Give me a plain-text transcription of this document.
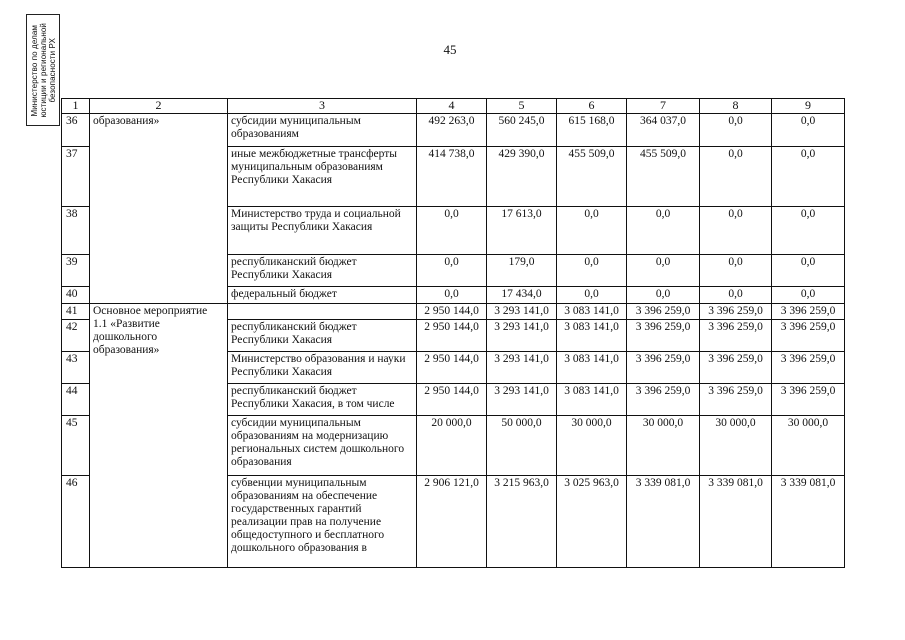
Министерство по делам юстиции и региональной безопасности РХ	45
1	2	3	4	5	6	7	8	9
36	образования»	субсидии муниципальным образованиям	492 263,0	560 245,0	615 168,0	364 037,0	0,0	0,0
37		иные межбюджетные трансферты муниципальным образованиям Республики Хакасия	414 738,0	429 390,0	455 509,0	455 509,0	0,0	0,0
38		Министерство труда и социальной защиты Республики Хакасия	0,0	17 613,0	0,0	0,0	0,0	0,0
39		республиканский бюджет Республики Хакасия	0,0	179,0	0,0	0,0	0,0	0,0
40		федеральный бюджет	0,0	17 434,0	0,0	0,0	0,0	0,0
41	Основное мероприятие 1.1 «Развитие дошкольного образования»		2 950 144,0	3 293 141,0	3 083 141,0	3 396 259,0	3 396 259,0	3 396 259,0
42		республиканский бюджет Республики Хакасия	2 950 144,0	3 293 141,0	3 083 141,0	3 396 259,0	3 396 259,0	3 396 259,0
43		Министерство образования и науки Республики Хакасия	2 950 144,0	3 293 141,0	3 083 141,0	3 396 259,0	3 396 259,0	3 396 259,0
44		республиканский бюджет Республики Хакасия, в том числе	2 950 144,0	3 293 141,0	3 083 141,0	3 396 259,0	3 396 259,0	3 396 259,0
45		субсидии муниципальным образованиям на модернизацию региональных систем дошкольного образования	20 000,0	50 000,0	30 000,0	30 000,0	30 000,0	30 000,0
46		субвенции муниципальным образованиям на обеспечение государственных гарантий реализации прав на получение общедоступного и бесплатного дошкольного образования в	2 906 121,0	3 215 963,0	3 025 963,0	3 339 081,0	3 339 081,0	3 339 081,0
